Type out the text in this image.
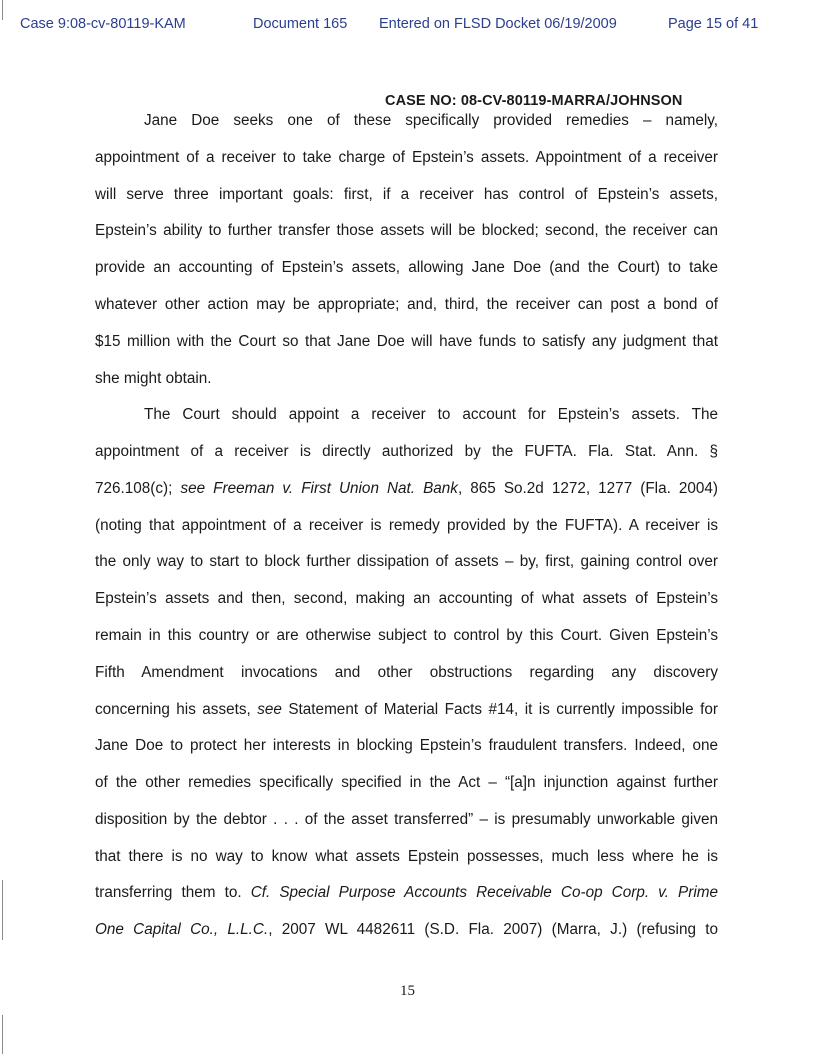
Case 9:08-cv-80119-KAM	Document 165 Entered on FLSD Docket 06/19/2009	Page 15 of 41
CASE NO: 08-CV-80119-MARRA/JOHNSON
Jane Doe seeks one of these specifically provided remedies – namely,
appointment of a receiver to take charge of Epstein’s assets. Appointment of a receiver
will serve three important goals: first, if a receiver has control of Epstein’s assets,
Epstein’s ability to further transfer those assets will be blocked; second, the receiver can
provide an accounting of Epstein’s assets, allowing Jane Doe (and the Court) to take
whatever other action may be appropriate; and, third, the receiver can post a bond of
$15 million with the Court so that Jane Doe will have funds to satisfy any judgment that
she might obtain.
The Court should appoint a receiver to account for Epstein’s assets. The
appointment of a receiver is directly authorized by the FUFTA. Fla. Stat. Ann. §
726.108(c); see Freeman v. First Union Nat. Bank, 865 So.2d 1272, 1277 (Fla. 2004)
(noting that appointment of a receiver is remedy provided by the FUFTA). A receiver is
the only way to start to block further dissipation of assets – by, first, gaining control over
Epstein’s assets and then, second, making an accounting of what assets of Epstein’s
remain in this country or are otherwise subject to control by this Court. Given Epstein’s
Fifth Amendment invocations and other obstructions regarding any discovery
concerning his assets, see Statement of Material Facts #14, it is currently impossible for
Jane Doe to protect her interests in blocking Epstein’s fraudulent transfers. Indeed, one
of the other remedies specifically specified in the Act – “[a]n injunction against further
disposition by the debtor . . . of the asset transferred” – is presumably unworkable given
that there is no way to know what assets Epstein possesses, much less where he is
transferring them to. Cf. Special Purpose Accounts Receivable Co-op Corp. v. Prime
One Capital Co., L.L.C., 2007 WL 4482611 (S.D. Fla. 2007) (Marra, J.) (refusing to
15
